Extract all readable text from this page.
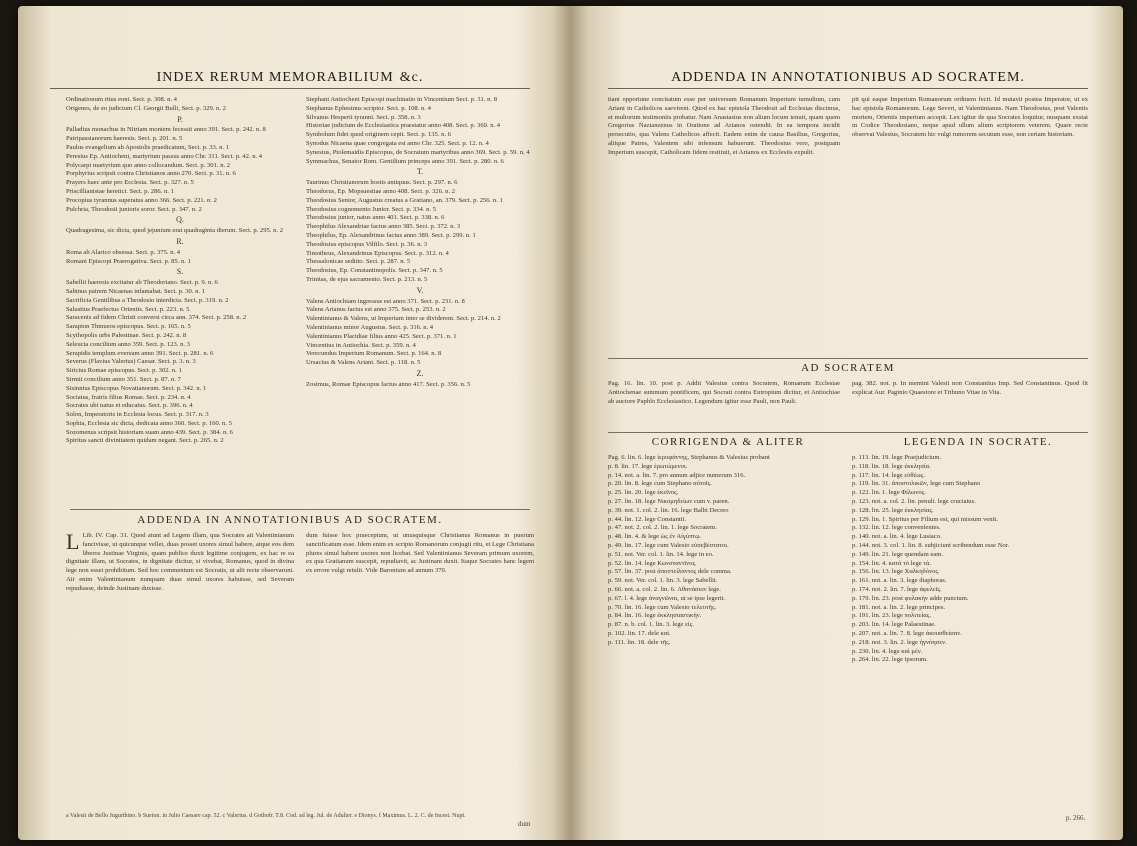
INDEX RERUM MEMORABILIUM &c.

Ordinationum ritus eoni. Sect. p. 308. n. 4

Origenes, de eo judicium Cl. Georgii Bulli, Sect. p. 329. n. 2

P.

Palladius monachus in Nitriam montem fecessit anno 391. Sect. p. 242. n. 8

Patripassianorum haeresis. Sect. p. 201. n. 5

Paulus evangelium ab Apostolis praedicatum, Sect. p. 33. n. 1

Peresius Ep. Antiocheni, martyrium passus anno Chr. 311. Sect. p. 42. n. 4

Polycarpi martyrium quo anno collocandum. Sect. p. 301. n. 2

Porphyrius scripsit contra Christianos anno 270. Sect. p. 31. n. 6

Prayers haec ante pro Ecclesia. Sect. p. 327. n. 5

Priscillianistae heretici. Sect. p. 286. n. 1

Procopius tyrannus superatus anno 366. Sect. p. 221. n. 2

Pulchria, Theodosii junioris soror. Sect. p. 347. n. 2

Q.

Quadragesima, sic dicta, quod jejunium erat quadraginta dierum. Sect. p. 295. n. 2

R.

Roma ab Alarico obsessa. Sect. p. 375. n. 4

Romani Episcopi Praerogativa. Sect. p. 85. n. 1

S.

Sabellii haeresis excitatur ab Theodoriano. Sect. p. 9. n. 6

Sabinus patrem Nicaenas infamabat. Sect. p. 30. n. 1

Sacrificia Gentilibus a Theodosio interdicta. Sect. p. 319. n. 2

Salustius Praefectus Orientis. Sect. p. 223. n. 5

Saracenis ad fidem Christi conversi circa ann. 374. Sect. p. 258. n. 2

Sarapion Thmueos episcopus. Sect. p. 165. n. 5

Scythopolis urbs Palestinae. Sect. p. 242. n. 8

Seleucia concilium anno 359. Sect. p. 123. n. 3

Serapidis templum eversum anno 391. Sect. p. 281. n. 6

Severus (Flavius Valerius) Caesar. Sect. p. 3. n. 3

Siricius Romae episcopus. Sect. p. 302. n. 1

Sirmii concilium anno 351. Sect. p. 87. n. 7

Sisinnius Episcopus Novatianorum. Sect. p. 342. n. 1

Sociatus, fratris filius Romae. Sect. p. 234. n. 4

Socrates ubi natus et educatus. Sect. p. 396. n. 4

Solon, Imperatoris in Ecclesia locus. Sect. p. 317. n. 3

Sophia, Ecclesia sic dicta, dedicata anno 360. Sect. p. 160. n. 5

Sozomenus scripsit historiam suam anno 439. Sect. p. 384. n. 6

Spiritus sancti divinitatem quidam negant. Sect. p. 265. n. 2

Stephani Antiocheni Episcopi machinatio in Vincentium Sect. p. 31. n. 8

Stephanus Ephesinus scriptor. Sect. p. 108. n. 4

Silvanus Hesperii tyranni. Sect. p. 358. n. 3

Historiae judicium de Ecclesiastica praestatur anno 408. Sect. p. 369. n. 4

Symbolum fidei quod originem cepit. Sect. p. 135. n. 6

Synodus Nicaena quae congregata est anno Chr. 325. Sect. p. 12. n. 4

Synesius, Ptolemaidis Episcopus, de Socratum martyribus anno 369. Sect. p. 59. n. 4

Symmachus, Senator Rom. Gentilium princeps anno 391. Sect. p. 280. n. 6

T.

Taurinus Christianorum hostis antiquus. Sect. p. 297. n. 6

Theodorus, Ep. Mopsuestiae anno 408. Sect. p. 326. n. 2

Theodosius Senior, Augustus creatus a Gratiano, an. 379. Sect. p. 256. n. 1

Theodosius cognomento Junior. Sect. p. 334. n. 5

Theodosius junior, natus anno 401. Sect. p. 338. n. 6

Theophilus Alexandriae factus anno 385. Sect. p. 372. n. 3

Theophilus, Ep. Alexandrinus factus anno 389. Sect. p. 299. n. 1

Theodosius episcopus Vilfilo. Sect. p. 36. n. 3

Timotheus, Alexandrinus Episcopus. Sect. p. 312. n. 4

Thessalonicae seditio. Sect. p. 287. n. 5

Theodosius, Ep. Constantinopolis. Sect. p. 347. n. 5

Trinitas, de ejus sacramento. Sect. p. 213. n. 5

V.

Valens Antiochiam ingressus est anno 371. Sect. p. 231. n. 8

Valens Arianus factus est anno 375. Sect. p. 253. n. 2

Valentinianus & Valens, ut Imperium inter se dividerent. Sect. p. 214. n. 2

Valentinianus minor Augustus. Sect. p. 316. n. 4

Valentinianus Placidiae filius anno 425. Sect. p. 371. n. 1

Vincentius in Antiochia. Sect. p. 359. n. 4

Verecundus Imperium Romanum. Sect. p. 164. n. 8

Ursacius & Valens Ariani. Sect. p. 118. n. 5

Z.

Zosimus, Romae Episcopus factus anno 417. Sect. p. 356. n. 5

ADDENDA IN ANNOTATIONIBUS AD SOCRATEM.

L Lib. IV. Cap. 31. Quod aiunt ad Legem illam, qua Socrates ait Valentinianum fancivisse, ut quicunque vellet, duas posset uxores simul habere, atque eos dem liberos Justinae Virginis, quam publice duxit legitime conjugem, ex hac re ea dignitate illam, ut Socrates, in dignitate dicitur, si vivebat, Romanus, quod in divina lege non esset prohibitum. Sed hoc commentum est Socratis, ut alii recte observarunt. Ait enim Valentinianum nunquam duas simul uxores habuisse, sed Severam repudiasse, deinde Justinam duxisse.

dum fuisse hoc praeceptum, ut unusquisque Christianus Romanus in puerum sanctificatum esse. Idem enim ex scripto Romanorum conjugii ritu, et Lege Christiana plures simul habere uxores non licebat. Sed Valentinianus Severam primum uxorem, ex qua Gratianum suscepit, repudiavit, ac Justinam duxit. Itaque Socrates hanc legem ex errore vulgi retulit. Vide Baronium ad annum 370.

a Valesii de Bello Jugurthino. b Sueton. in Julio Caesare cap. 52. c Valerius. d Gothofr. T.8. Cod. ad leg. Jul. de Adulter. e Dionys. f Maximus. L. 2. C. de Incest. Nupt.
dum
ADDENDA IN ANNOTATIONIBUS AD SOCRATEM.

tiani opportune concitatum esse per universum Romanum Imperium tumultum, cum Ariani in Catholicos saevirent. Quod ex hac epistola Theodosii ad Ecclesias discimus, et multorum testimoniis probatur. Nam Anastasius non alium locum tenuit, quam quem Gregorius Nazianzenus in Oratione ad Arianos ostendit. In ea tempora incidit persecutio, qua Valens Catholicos affecit. Eadem enim de causa Basilius, Gregorius, aliique Patres, Valentem sibi infensum habuerunt. Theodosius vero, postquam Imperium suscepit, Catholicam fidem restituit, et Arianos ex Ecclesiis expulit.

pit qui eaque Imperium Romanorum ordinem fecit. Id mutavit postea Imperator, ut ex hac epistola Romanorum. Lege Severi, ut Valentinianus. Nam Theodosius, post Valentis mortem, Orientis imperium accepit. Lex igitur de qua Socrates loquitur, nusquam exstat in Codice Theodosiano, neque apud ullum alium scriptorem veterem. Quare recte observat Valesius, Socratem hic vulgi rumorem secutum esse, non certam historiam.

AD SOCRATEM

Pag. 16. lin. 10. post p. Addit Valesius contra Socratem, Romanum Ecclesiae Antiochenae summum pontificem, qui Socrati contra Eutropium dicitur, et Antiochiae ab auctore Paphlo Ecclesiastico. Legendum igitur esse Pauli, non Pauli.

pag. 382. not. p. In memini Valesii non Constantius Imp. Sed Constantinus. Quod fit explicat Aur. Paginio Quaestore et Tribuno Vitae in Vita.

CORRIGENDA & ALITER	LEGENDA IN SOCRATE.

Pag. 6. lin. 6. lege ἱεροφάντης, Stephanus & Valesius probant

p. 8. lin. 17. lege ἐρωτώμενοι.

p. 14. not. a. lin. 7. pro annum adjice numerum 316.

p. 20. lin. 8. lege cum Stephano αὐτοῖς.

p. 25. lin. 20. lege ἐκεῖνος.

p. 27. lin. 18. lege Νικομηδείων cum v. paren.

p. 39. not. 1. col. 2. lin. 16. lege Balbi Decreo

p. 44. lin. 12. lege Constantii.

p. 47. not. 2. col. 2. lin. 1. lege Socratem.

p. 48. lin. 4. & lege ὡς ἐν Αἰγύπτῳ.

p. 49. lin. 17. lege cum Valesio εὐσεβέστατοι.

p. 51. not. Ver. col. 1. lin. 14. lege in eo.

p. 52. lin. 14. lege Κωνσταντῖνος.

p. 57. lin. 37. post ἀποστείλαντος dele comma.

p. 59. not. Ver. col. 1. lin. 3. lege Sabellii.

p. 66. not. a. col. 2. lin. 6. Αθανάσιον lege.

p. 67. l. 4. lege ἀναγνῶναι, ut se ipse legerit.

p. 70. lin. 16. lege cum Valesio τελευτῆς.

p. 84. lin. 16. lege ἐκκλησιαστικὴν.

p. 87. n. b. col. 1. lin. 3. lege εἰς.

p. 102. lin. 17. dele καὶ.

p. 111. lin. 18. dele τῆς.

p. 113. lin. 19. lege Praejudicium.

p. 118. lin. 18. lege ἐκκλησία.

p. 117. lin. 14. lege εὐθέως.

p. 119. lin. 31. ἀποστολικῶν, lege cum Stephano

p. 122. lin. 1. lege Φίλωνος.

p. 123. not. a. col. 2. lin. penult. lege cruciatus.

p. 128. lin. 25. lege ἐκκλησίας.

p. 129. lin. 1. Spiritus per Filium est, qui missum venit.

p. 132. lin. 12. lege convenientes.

p. 140. not. a. lin. 4. lege Lusiaco.

p. 144. not. 3. col. 1. lin. 8. subjiciunt scribendum esse Nor.

p. 149. lin. 21. lege quendam eam.

p. 154. lin. 4. κατὰ τὸ lege τὰ.

p. 156. lin. 13. lege Χαλκηδόνος.

p. 161. not. a. lin. 3. lege diaphoras.

p. 174. not. 2. lin. 7. lege ἀφελεῖς.

p. 179. lin. 23. post φυλακὴν adde punctum.

p. 181. not. a. lin. 2. lege principes.

p. 191. lin. 23. lege πολιτείας.

p. 203. lin. 14. lege Palaestinae.

p. 207. not. a. lin. 7. 8. lege ἀκουσθείσαν.

p. 218. not. 3. lin. 2. lege ἠγνόησεν.

p. 230. lin. 4. lege καὶ μὲν.

p. 264. lin. 22. lege ipsorum.

p. 266.
